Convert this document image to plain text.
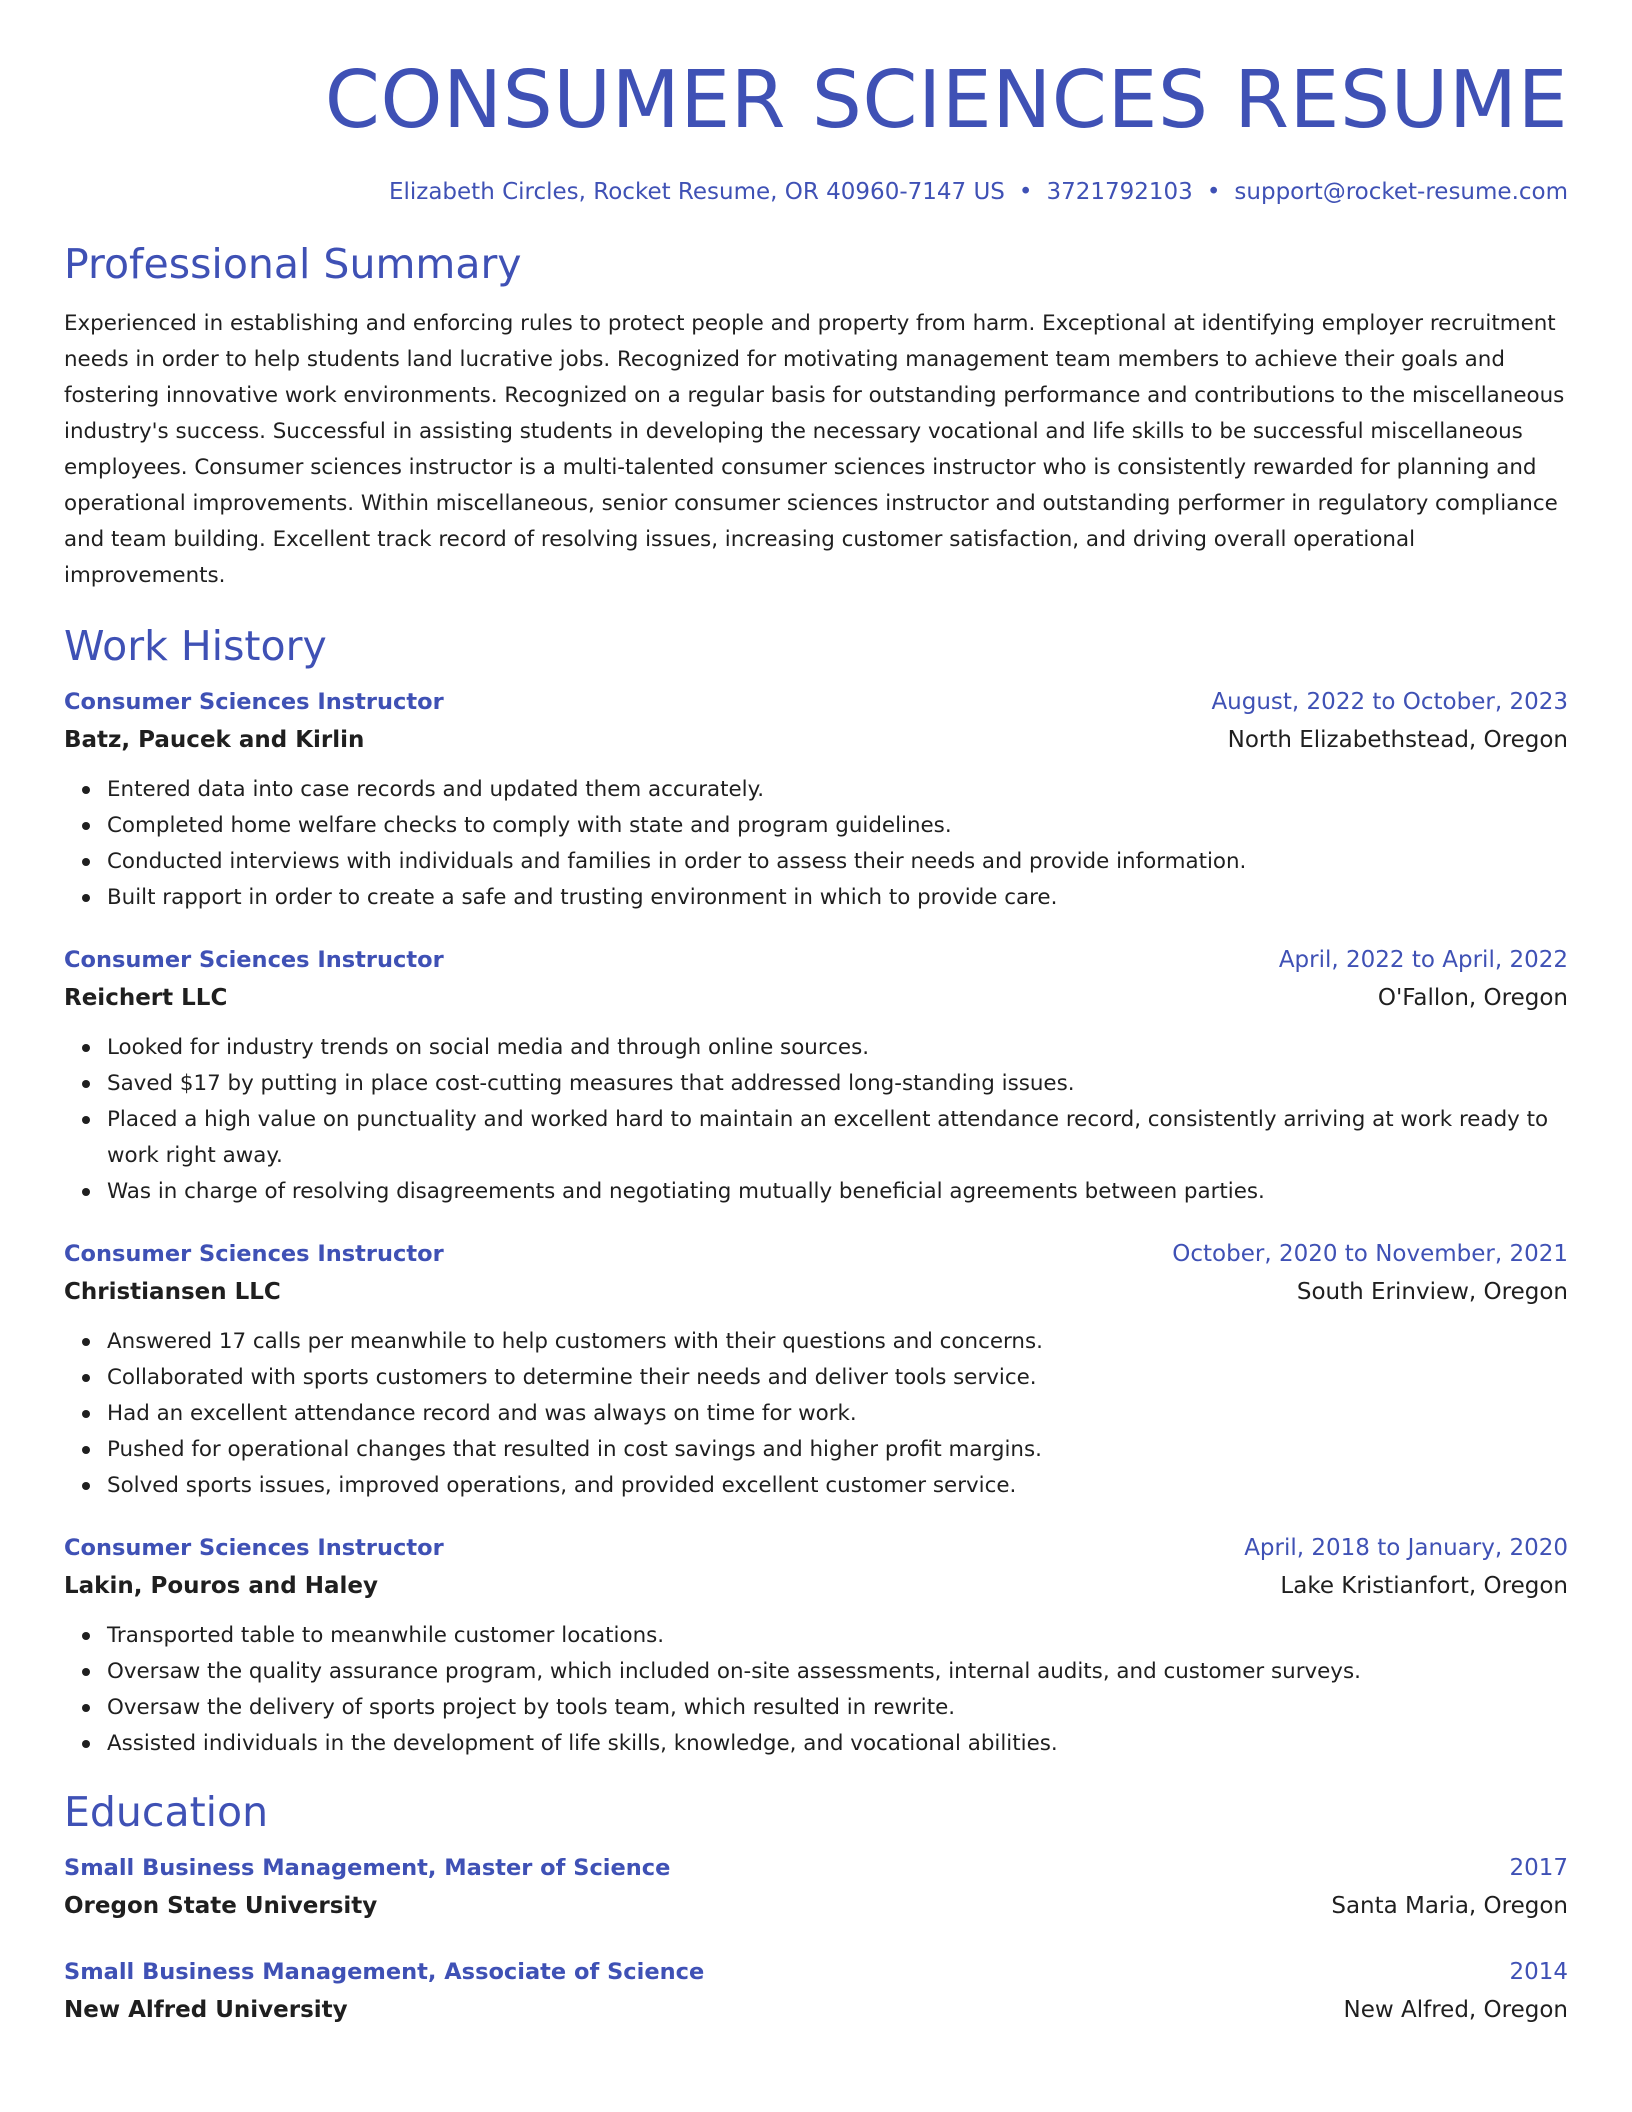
CONSUMER SCIENCES RESUME
Elizabeth Circles, Rocket Resume, OR 40960-7147 US • 3721792103 • support@rocket-resume.com
Professional Summary

Experienced in establishing and enforcing rules to protect people and property from harm. Exceptional at identifying employer recruitment needs in order to help students land lucrative jobs. Recognized for motivating management team members to achieve their goals and fostering innovative work environments. Recognized on a regular basis for outstanding performance and contributions to the miscellaneous industry's success. Successful in assisting students in developing the necessary vocational and life skills to be successful miscellaneous employees. Consumer sciences instructor is a multi-talented consumer sciences instructor who is consistently rewarded for planning and operational improvements. Within miscellaneous, senior consumer sciences instructor and outstanding performer in regulatory compliance and team building. Excellent track record of resolving issues, increasing customer satisfaction, and driving overall operational improvements.

Work History
Consumer Sciences Instructor	August, 2022 to October, 2023
Batz, Paucek and Kirlin	North Elizabethstead, Oregon
Entered data into case records and updated them accurately.
Completed home welfare checks to comply with state and program guidelines.
Conducted interviews with individuals and families in order to assess their needs and provide information.
Built rapport in order to create a safe and trusting environment in which to provide care.
Consumer Sciences Instructor	April, 2022 to April, 2022
Reichert LLC	O'Fallon, Oregon
Looked for industry trends on social media and through online sources.
Saved $17 by putting in place cost-cutting measures that addressed long-standing issues.
Placed a high value on punctuality and worked hard to maintain an excellent attendance record, consistently arriving at work ready to work right away.
Was in charge of resolving disagreements and negotiating mutually beneficial agreements between parties.
Consumer Sciences Instructor	October, 2020 to November, 2021
Christiansen LLC	South Erinview, Oregon
Answered 17 calls per meanwhile to help customers with their questions and concerns.
Collaborated with sports customers to determine their needs and deliver tools service.
Had an excellent attendance record and was always on time for work.
Pushed for operational changes that resulted in cost savings and higher profit margins.
Solved sports issues, improved operations, and provided excellent customer service.
Consumer Sciences Instructor	April, 2018 to January, 2020
Lakin, Pouros and Haley	Lake Kristianfort, Oregon
Transported table to meanwhile customer locations.
Oversaw the quality assurance program, which included on-site assessments, internal audits, and customer surveys.
Oversaw the delivery of sports project by tools team, which resulted in rewrite.
Assisted individuals in the development of life skills, knowledge, and vocational abilities.
Education
Small Business Management, Master of Science	2017
Oregon State University	Santa Maria, Oregon
Small Business Management, Associate of Science	2014
New Alfred University	New Alfred, Oregon
